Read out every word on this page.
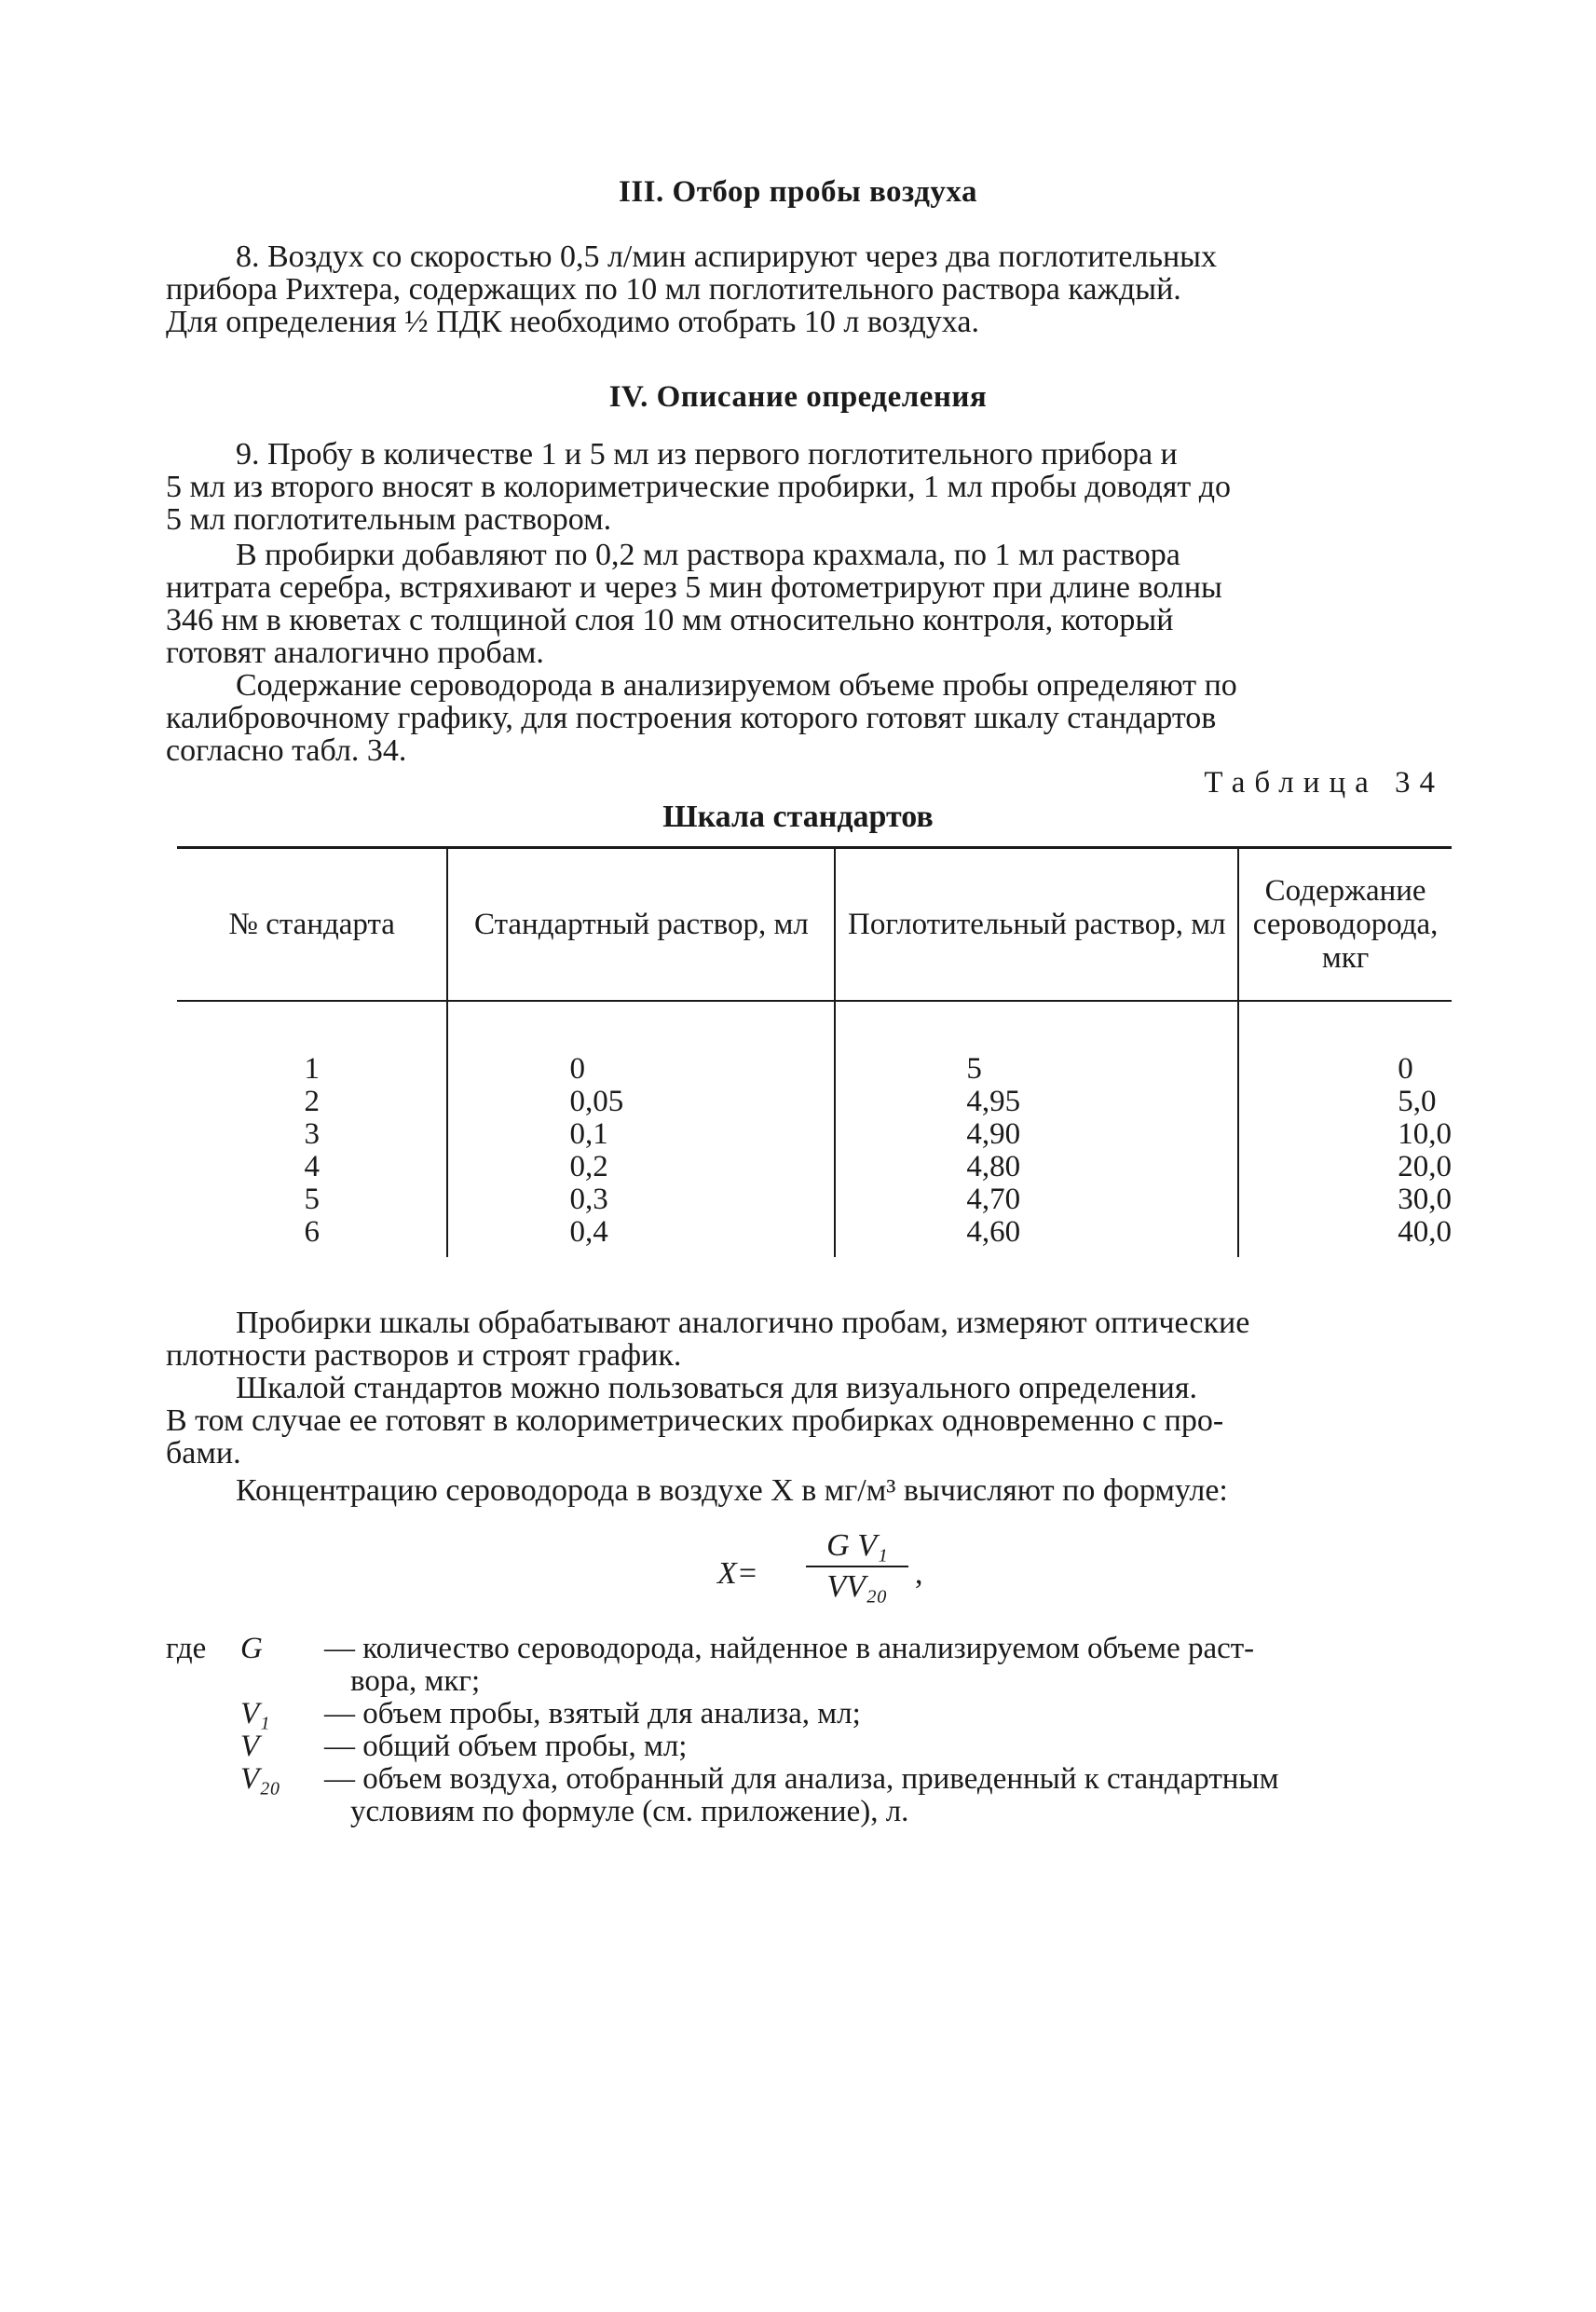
III. Отбор пробы воздуха
8. Воздух со скоростью 0,5 л/мин аспирируют через два поглотительных
прибора Рихтера, содержащих по 10 мл поглотительного раствора каждый.
Для определения ½ ПДК необходимо отобрать 10 л воздуха.
IV. Описание определения
9. Пробу в количестве 1 и 5 мл из первого поглотительного прибора и
5 мл из второго вносят в колориметрические пробирки, 1 мл пробы доводят до
5 мл поглотительным раствором.
В пробирки добавляют по 0,2 мл раствора крахмала, по 1 мл раствора
нитрата серебра, встряхивают и через 5 мин фотометрируют при длине волны
346 нм в кюветах с толщиной слоя 10 мм относительно контроля, который
готовят аналогично пробам.
Содержание сероводорода в анализируемом объеме пробы определяют по
калибровочному графику, для построения которого готовят шкалу стандартов
согласно табл. 34.
Таблица 34
Шкала стандартов
№ стандарта	Стандартный раствор, мл	Поглотительный раствор, мл	Содержание сероводорода, мкг

1	0	5	0
2	0,05	4,95	5,0
3	0,1	4,90	10,0
4	0,2	4,80	20,0
5	0,3	4,70	30,0
6	0,4	4,60	40,0
Пробирки шкалы обрабатывают аналогично пробам, измеряют оптические
плотности растворов и строят график.
Шкалой стандартов можно пользоваться для визуального определения.
В том случае ее готовят в колориметрических пробирках одновременно с про-
бами.
Концентрацию сероводорода в воздухе X в мг/м³ вычисляют по формуле:
$X= \frac{\text{G V₁}}{\text{VV₂₀}}$ ,
где G — количество сероводорода, найденное в анализируемом объеме раст-
вора, мкг;
V₁ — объем пробы, взятый для анализа, мл;
V — общий объем пробы, мл;
V₂₀ — объем воздуха, отобранный для анализа, приведенный к стандартным
условиям по формуле (см. приложение), л.
